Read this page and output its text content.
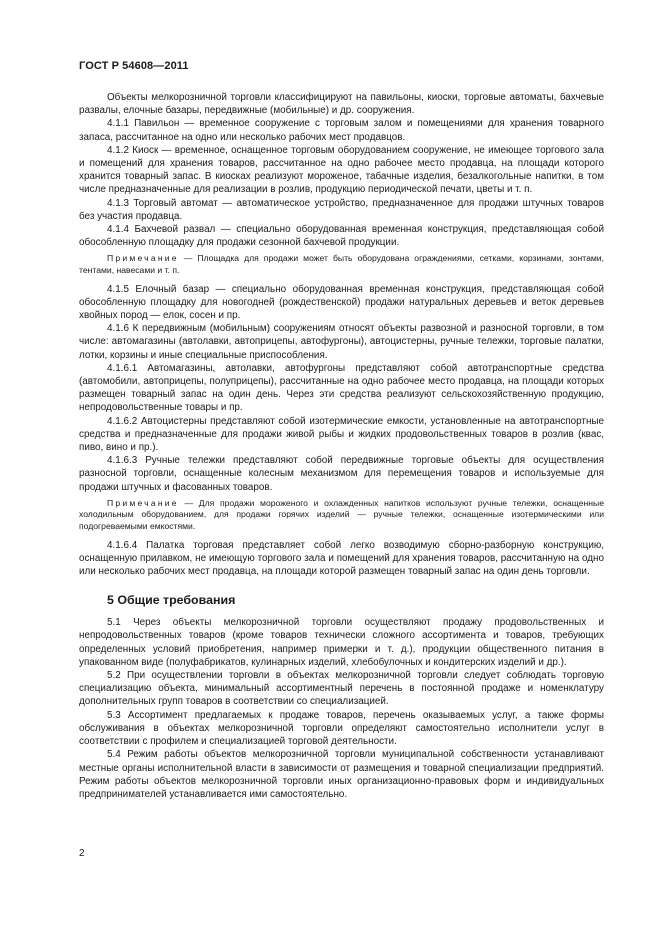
ГОСТ Р 54608—2011

Объекты мелкорозничной торговли классифицируют на павильоны, киоски, торговые автоматы, бахчевые развалы, елочные базары, передвижные (мобильные) и др. сооружения.

4.1.1 Павильон — временное сооружение с торговым залом и помещениями для хранения товарного запаса, рассчитанное на одно или несколько рабочих мест продавцов.

4.1.2 Киоск — временное, оснащенное торговым оборудованием сооружение, не имеющее торгового зала и помещений для хранения товаров, рассчитанное на одно рабочее место продавца, на площади которого хранится товарный запас. В киосках реализуют мороженое, табачные изделия, безалкогольные напитки, в том числе предназначенные для реализации в розлив, продукцию периодической печати, цветы и т. п.

4.1.3 Торговый автомат — автоматическое устройство, предназначенное для продажи штучных товаров без участия продавца.

4.1.4 Бахчевой развал — специально оборудованная временная конструкция, представляющая собой обособленную площадку для продажи сезонной бахчевой продукции.

Примечание — Площадка для продажи может быть оборудована ограждениями, сетками, корзинами, зонтами, тентами, навесами и т. п.

4.1.5 Елочный базар — специально оборудованная временная конструкция, представляющая собой обособленную площадку для новогодней (рождественской) продажи натуральных деревьев и веток деревьев хвойных пород — елок, сосен и пр.

4.1.6 К передвижным (мобильным) сооружениям относят объекты развозной и разносной торговли, в том числе: автомагазины (автолавки, автоприцепы, автофургоны), автоцистерны, ручные тележки, торговые палатки, лотки, корзины и иные специальные приспособления.

4.1.6.1 Автомагазины, автолавки, автофургоны представляют собой автотранспортные средства (автомобили, автоприцепы, полуприцепы), рассчитанные на одно рабочее место продавца, на площади которых размещен товарный запас на один день. Через эти средства реализуют сельскохозяйственную продукцию, непродовольственные товары и пр.

4.1.6.2 Автоцистерны представляют собой изотермические емкости, установленные на автотранспортные средства и предназначенные для продажи живой рыбы и жидких продовольственных товаров в розлив (квас, пиво, вино и пр.).

4.1.6.3 Ручные тележки представляют собой передвижные торговые объекты для осуществления разносной торговли, оснащенные колесным механизмом для перемещения товаров и используемые для продажи штучных и фасованных товаров.

Примечание — Для продажи мороженого и охлажденных напитков используют ручные тележки, оснащенные холодильным оборудованием, для продажи горячих изделий — ручные тележки, оснащенные изотермическими или подогреваемыми емкостями.

4.1.6.4 Палатка торговая представляет собой легко возводимую сборно-разборную конструкцию, оснащенную прилавком, не имеющую торгового зала и помещений для хранения товаров, рассчитанную на одно или несколько рабочих мест продавца, на площади которой размещен товарный запас на один день торговли.

5 Общие требования

5.1 Через объекты мелкорозничной торговли осуществляют продажу продовольственных и непродовольственных товаров (кроме товаров технически сложного ассортимента и товаров, требующих определенных условий приобретения, например примерки и т. д.), продукции общественного питания в упакованном виде (полуфабрикатов, кулинарных изделий, хлебобулочных и кондитерских изделий и др.).

5.2 При осуществлении торговли в объектах мелкорозничной торговли следует соблюдать торговую специализацию объекта, минимальный ассортиментный перечень в постоянной продаже и номенклатуру дополнительных групп товаров в соответствии со специализацией.

5.3 Ассортимент предлагаемых к продаже товаров, перечень оказываемых услуг, а также формы обслуживания в объектах мелкорозничной торговли определяют самостоятельно исполнители услуг в соответствии с профилем и специализацией торговой деятельности.

5.4 Режим работы объектов мелкорозничной торговли муниципальной собственности устанавливают местные органы исполнительной власти в зависимости от размещения и товарной специализации предприятий. Режим работы объектов мелкорозничной торговли иных организационно-правовых форм и индивидуальных предпринимателей устанавливается ими самостоятельно.

2
